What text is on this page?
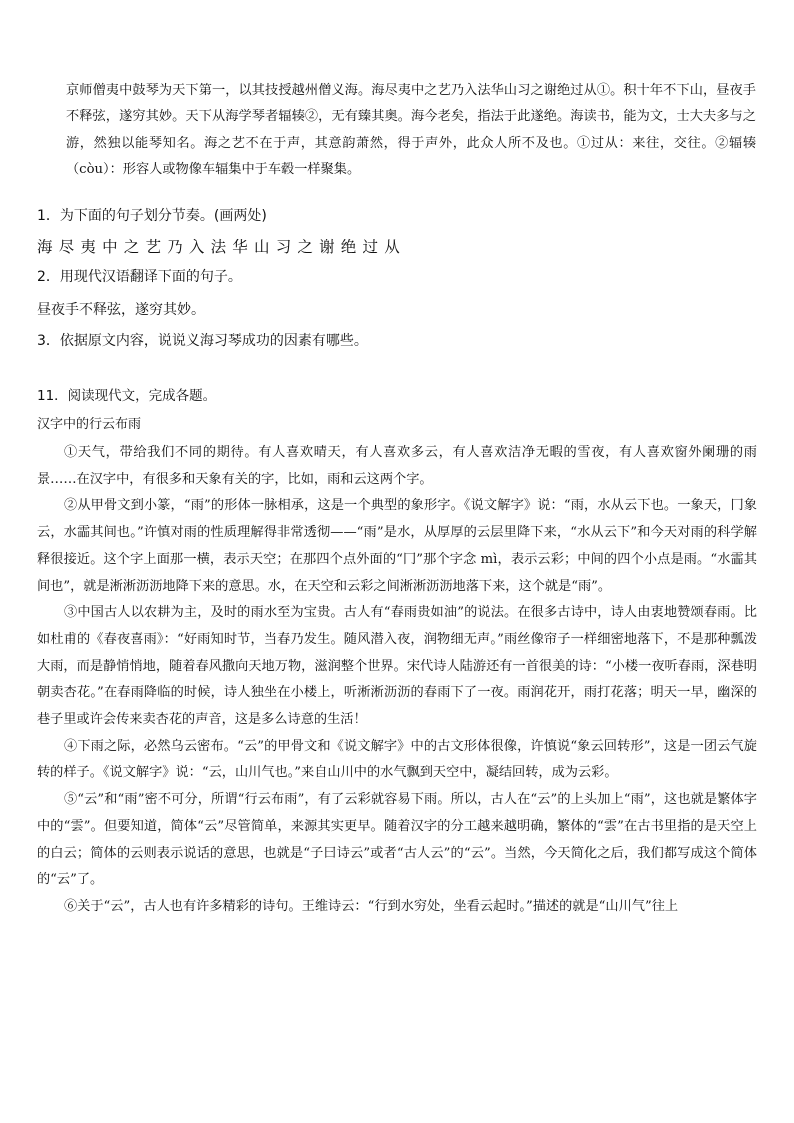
京师僧夷中鼓琴为天下第一，以其技授越州僧义海。海尽夷中之艺乃入法华山习之谢绝过从①。积十年不下山，昼夜手不释弦，遂穷其妙。天下从海学琴者辐辏②，无有臻其奥。海今老矣，指法于此遂绝。海读书，能为文，士大夫多与之游，然独以能琴知名。海之艺不在于声，其意韵萧然，得于声外，此众人所不及也。①过从：来往，交往。②辐辏（còu）：形容人或物像车辐集中于车毂一样聚集。

1．为下面的句子划分节奏。(画两处)

海尽夷中之艺乃入法华山习之谢绝过从

2．用现代汉语翻译下面的句子。

昼夜手不释弦，遂穷其妙。

3．依据原文内容，说说义海习琴成功的因素有哪些。

11．阅读现代文，完成各题。

汉字中的行云布雨

①天气，带给我们不同的期待。有人喜欢晴天，有人喜欢多云，有人喜欢洁净无暇的雪夜，有人喜欢窗外阑珊的雨景……在汉字中，有很多和天象有关的字，比如，雨和云这两个字。

②从甲骨文到小篆，“雨”的形体一脉相承，这是一个典型的象形字。《说文解字》说：“雨，水从云下也。一象天，冂象云，水霝其间也。”许慎对雨的性质理解得非常透彻——“雨”是水，从厚厚的云层里降下来，“水从云下”和今天对雨的科学解释很接近。这个字上面那一横，表示天空；在那四个点外面的“冂”那个字念 mì，表示云彩；中间的四个小点是雨。“水霝其间也”，就是淅淅沥沥地降下来的意思。水，在天空和云彩之间淅淅沥沥地落下来，这个就是“雨”。

③中国古人以农耕为主，及时的雨水至为宝贵。古人有“春雨贵如油”的说法。在很多古诗中，诗人由衷地赞颂春雨。比如杜甫的《春夜喜雨》：“好雨知时节，当春乃发生。随风潜入夜，润物细无声。”雨丝像帘子一样细密地落下，不是那种瓢泼大雨，而是静悄悄地，随着春风撒向天地万物，滋润整个世界。宋代诗人陆游还有一首很美的诗：“小楼一夜听春雨，深巷明朝卖杏花。”在春雨降临的时候，诗人独坐在小楼上，听淅淅沥沥的春雨下了一夜。雨润花开，雨打花落；明天一早，幽深的巷子里或许会传来卖杏花的声音，这是多么诗意的生活！

④下雨之际，必然乌云密布。“云”的甲骨文和《说文解字》中的古文形体很像，许慎说“象云回转形”，这是一团云气旋转的样子。《说文解字》说：“云，山川气也。”来自山川中的水气飘到天空中，凝结回转，成为云彩。

⑤“云”和“雨”密不可分，所谓“行云布雨”，有了云彩就容易下雨。所以，古人在“云”的上头加上“雨”，这也就是繁体字中的“雲”。但要知道，简体“云”尽管简单，来源其实更早。随着汉字的分工越来越明确，繁体的“雲”在古书里指的是天空上的白云；简体的云则表示说话的意思，也就是“子曰诗云”或者“古人云”的“云”。当然，今天简化之后，我们都写成这个简体的“云”了。

⑥关于“云”，古人也有许多精彩的诗句。王维诗云：“行到水穷处，坐看云起时。”描述的就是“山川气”往上
